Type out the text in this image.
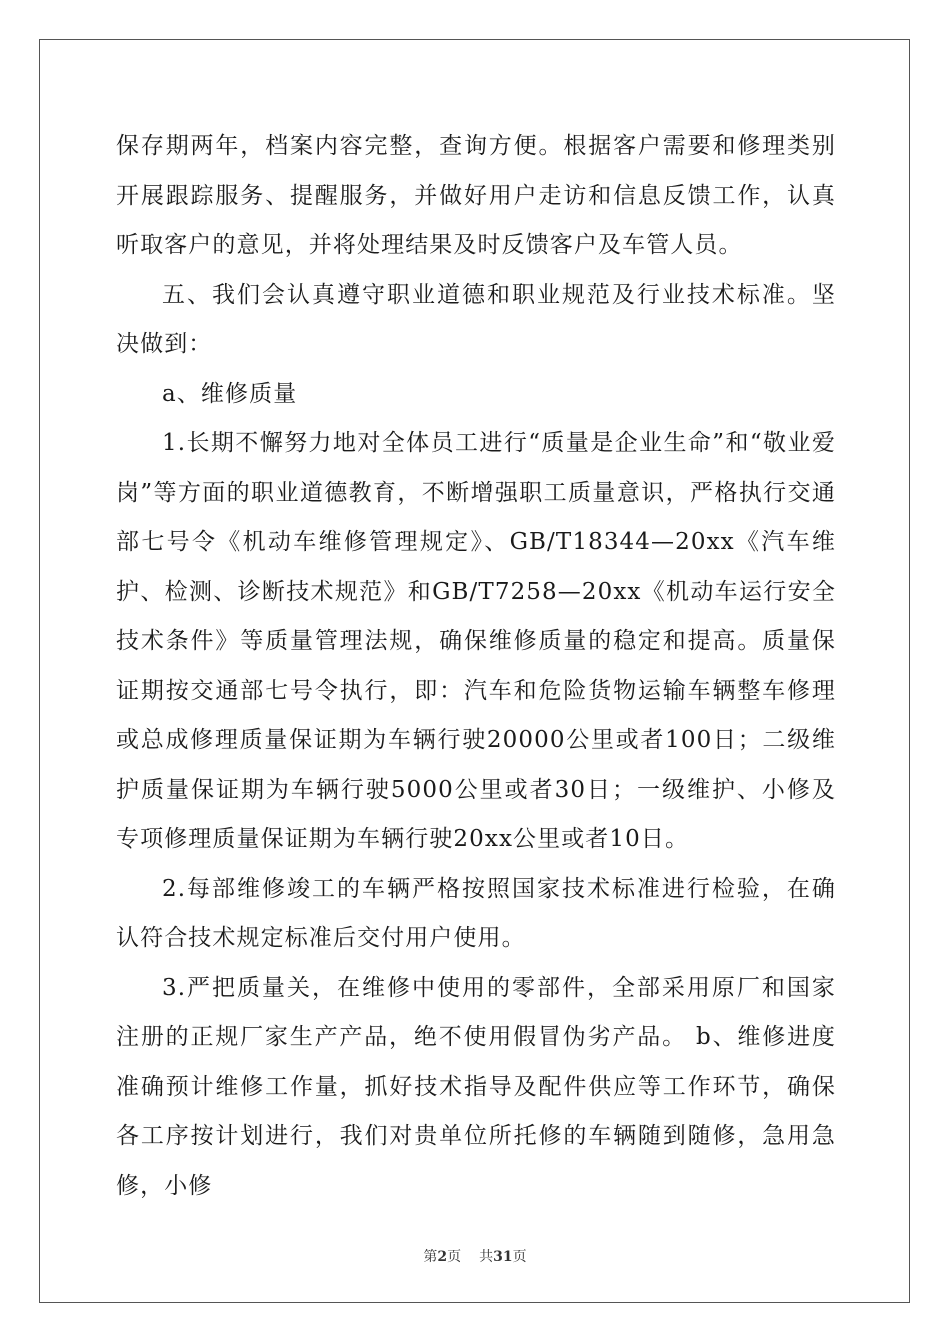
保存期两年，档案内容完整，查询方便。根据客户需要和修理类别开展跟踪服务、提醒服务，并做好用户走访和信息反馈工作，认真听取客户的意见，并将处理结果及时反馈客户及车管人员。

五、我们会认真遵守职业道德和职业规范及行业技术标准。坚决做到：

a、维修质量

1.长期不懈努力地对全体员工进行“质量是企业生命”和“敬业爱岗”等方面的职业道德教育，不断增强职工质量意识，严格执行交通部七号令《机动车维修管理规定》、GB/T18344—20xx《汽车维护、检测、诊断技术规范》和GB/T7258—20xx《机动车运行安全技术条件》等质量管理法规，确保维修质量的稳定和提高。质量保证期按交通部七号令执行，即：汽车和危险货物运输车辆整车修理或总成修理质量保证期为车辆行驶20000公里或者100日；二级维护质量保证期为车辆行驶5000公里或者30日；一级维护、小修及专项修理质量保证期为车辆行驶20xx公里或者10日。

2.每部维修竣工的车辆严格按照国家技术标准进行检验，在确认符合技术规定标准后交付用户使用。

3.严把质量关，在维修中使用的零部件，全部采用原厂和国家注册的正规厂家生产产品，绝不使用假冒伪劣产品。 b、维修进度准确预计维修工作量，抓好技术指导及配件供应等工作环节，确保各工序按计划进行，我们对贵单位所托修的车辆随到随修，急用急修，小修

第2页 共31页
